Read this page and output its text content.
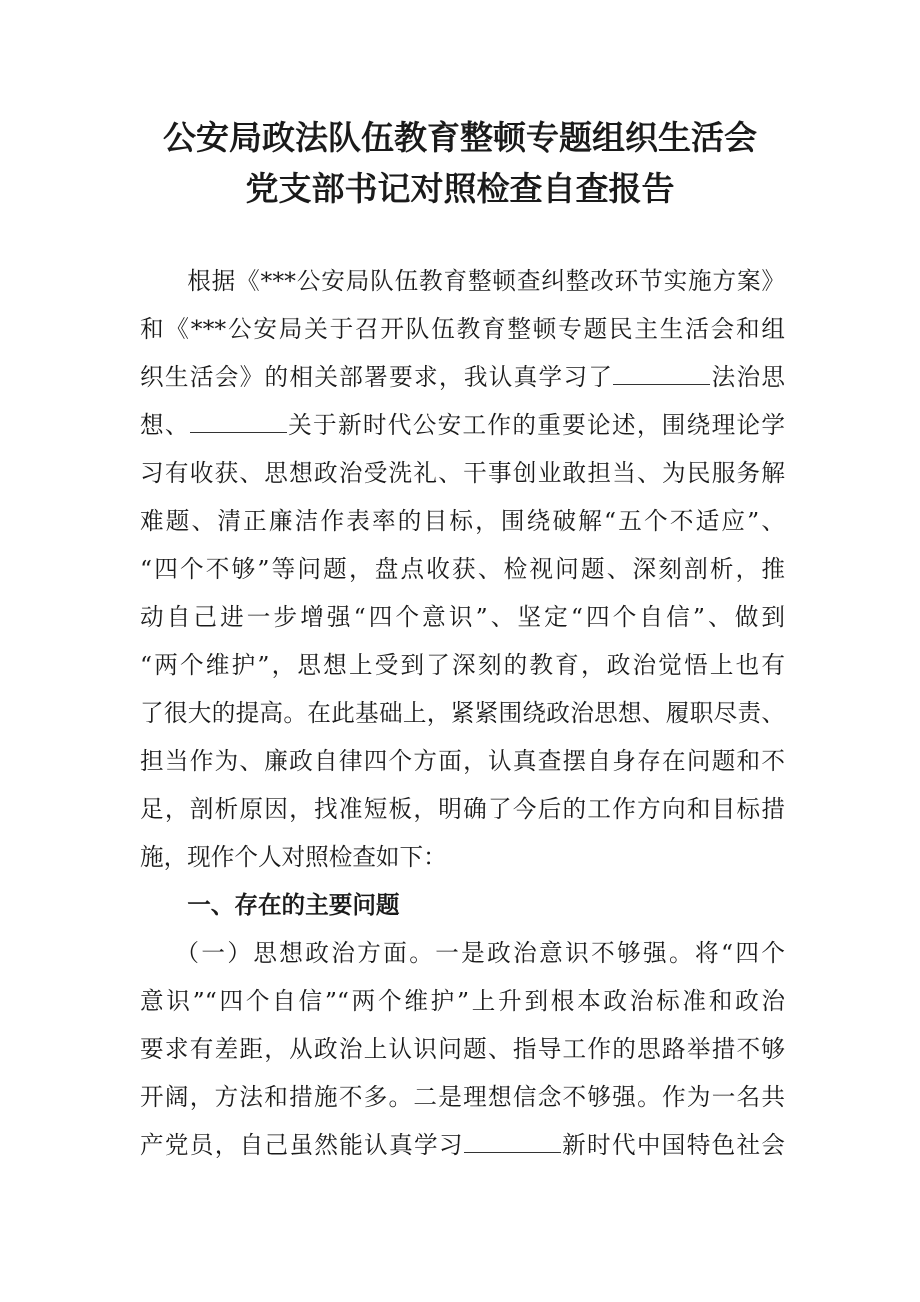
公安局政法队伍教育整顿专题组织生活会
党支部书记对照检查自查报告

根据《***公安局队伍教育整顿查纠整改环节实施方案》
和《***公安局关于召开队伍教育整顿专题民主生活会和组
织生活会》的相关部署要求，我认真学习了	法治思
想、	关于新时代公安工作的重要论述，围绕理论学
习有收获、思想政治受洗礼、干事创业敢担当、为民服务解
难题、清正廉洁作表率的目标，围绕破解“五个不适应”、
“四个不够”等问题，盘点收获、检视问题、深刻剖析，推
动自己进一步增强“四个意识”、坚定“四个自信”、做到
“两个维护”，思想上受到了深刻的教育，政治觉悟上也有
了很大的提高。在此基础上，紧紧围绕政治思想、履职尽责、
担当作为、廉政自律四个方面，认真查摆自身存在问题和不
足，剖析原因，找准短板，明确了今后的工作方向和目标措
施，现作个人对照检查如下：

一、存在的主要问题

（一）思想政治方面。一是政治意识不够强。将“四个
意识”“四个自信”“两个维护”上升到根本政治标准和政治
要求有差距，从政治上认识问题、指导工作的思路举措不够
开阔，方法和措施不多。二是理想信念不够强。作为一名共
产党员，自己虽然能认真学习	新时代中国特色社会
